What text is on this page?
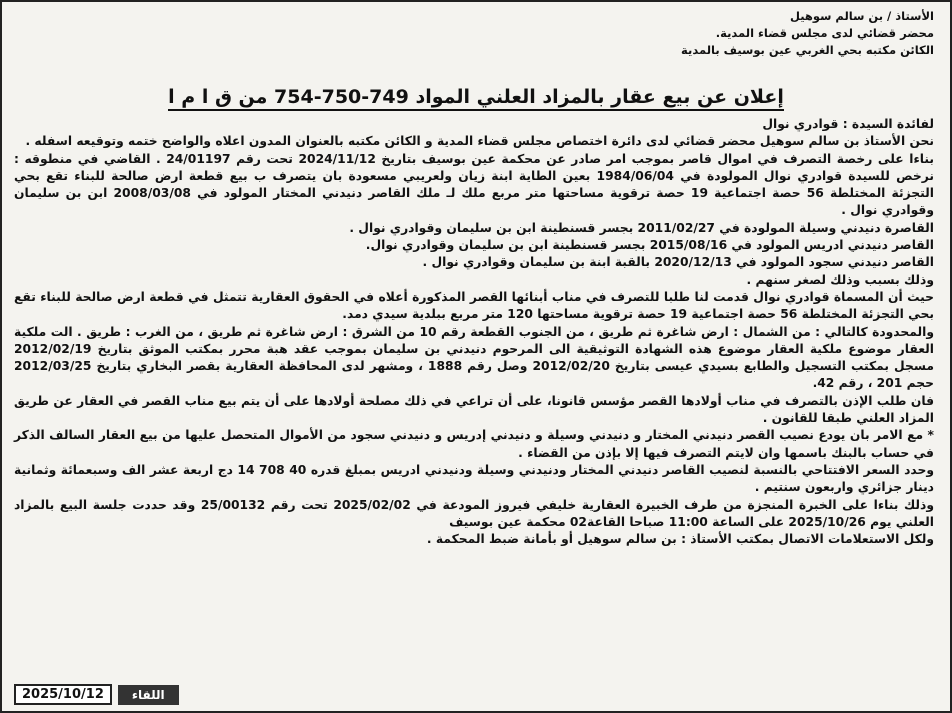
الأستاذ / بن سالم سوهيل
محضر قضائي لدى مجلس قضاء المدية.
الكائن مكتبه بحي الغربي عين بوسيف بالمدية
إعلان عن بيع عقار بالمزاد العلني المواد 749-750-754 من ق ا م ا

لفائدة السيدة : قوادري نوال

نحن الأستاذ بن سالم سوهيل محضر قضائي لدى دائرة اختصاص مجلس قضاء المدية و الكائن مكتبه بالعنوان المدون اعلاه والواضح ختمه وتوقيعه اسفله .

بناءا على رخصة التصرف في اموال قاصر بموجب امر صادر عن محكمة عين بوسيف بتاريخ 2024/11/12 تحت رقم 24/01197 . القاضي في منطوقه : نرخص للسيدة قوادري نوال المولودة في 1984/06/04 بعين الطاية ابنة زيان ولعريبي مسعودة بان يتصرف ب بيع قطعة ارض صالحة للبناء تقع بحي التجزئة المختلطة 56 حصة اجتماعية 19 حصة ترقوية مساحتها متر مربع ملك لـ ملك القاصر دنيدني المختار المولود في 2008/03/08 ابن بن سليمان وقوادري نوال .

القاصرة دنيدني وسيلة المولودة في 2011/02/27 بجسر قسنطينة ابن بن سليمان وقوادري نوال .

القاصر دنيدني ادريس المولود في 2015/08/16 بجسر قسنطينة ابن بن سليمان وقوادري نوال.

القاصر دنيدني سجود المولود في 2020/12/13 بالقبة ابنة بن سليمان وقوادري نوال .

وذلك بسبب وذلك لصغر سنهم .

حيث أن المسماة قوادري نوال قدمت لنا طلبا للتصرف في مناب أبنائها القصر المذكورة أعلاه في الحقوق العقارية تتمثل في قطعة ارض صالحة للبناء تقع بحي التجزئة المختلطة 56 حصة اجتماعية 19 حصة ترقوية مساحتها 120 متر مربع ببلدية سيدي دمد.

والمحدودة كالتالي : من الشمال : ارض شاغرة ثم طريق ، من الجنوب القطعة رقم 10 من الشرق : ارض شاغرة ثم طريق ، من الغرب : طريق . الت ملكية العقار موضوع ملكية العقار موضوع هذه الشهادة التوثيقية الى المرحوم دنيدني بن سليمان بموجب عقد هبة محرر بمكتب الموثق بتاريخ 2012/02/19 مسجل بمكتب التسجيل والطابع بسيدي عيسى بتاريخ 2012/02/20 وصل رقم 1888 ، ومشهر لدى المحافظة العقارية بقصر البخاري بتاريخ 2012/03/25 حجم 201 ، رقم 42.

فان طلب الإذن بالتصرف في مناب أولادها القصر مؤسس قانونا، على أن تراعي في ذلك مصلحة أولادها على أن يتم بيع مناب القصر في العقار عن طريق المزاد العلني طبقا للقانون .

* مع الامر بان يودع نصيب القصر دنيدني المختار و دنيدني وسيلة و دنيدني إدريس و دنيدني سجود من الأموال المتحصل عليها من بيع العقار السالف الذكر في حساب بالبنك باسمها وان لايتم التصرف فيها إلا بإذن من القضاء .

وحدد السعر الافتتاحي بالنسبة لنصيب القاصر دنيدني المختار ودنيدني وسيلة ودنيدني ادريس بمبلغ قدره 40 708 14 دج اربعة عشر الف وسبعمائة وثمانية دينار جزائري واربعون سنتيم .

وذلك بناءا على الخبرة المنجزة من طرف الخبيرة العقارية خليفي فيروز المودعة في 2025/02/02 تحت رقم 25/00132 وقد حددت جلسة البيع بالمزاد العلني يوم 2025/10/26 على الساعة 11:00 صباحا القاعة02 محكمة عين بوسيف

ولكل الاستعلامات الاتصال بمكتب الأستاذ : بن سالم سوهيل أو بأمانة ضبط المحكمة .

2025/10/12	اللقاء
